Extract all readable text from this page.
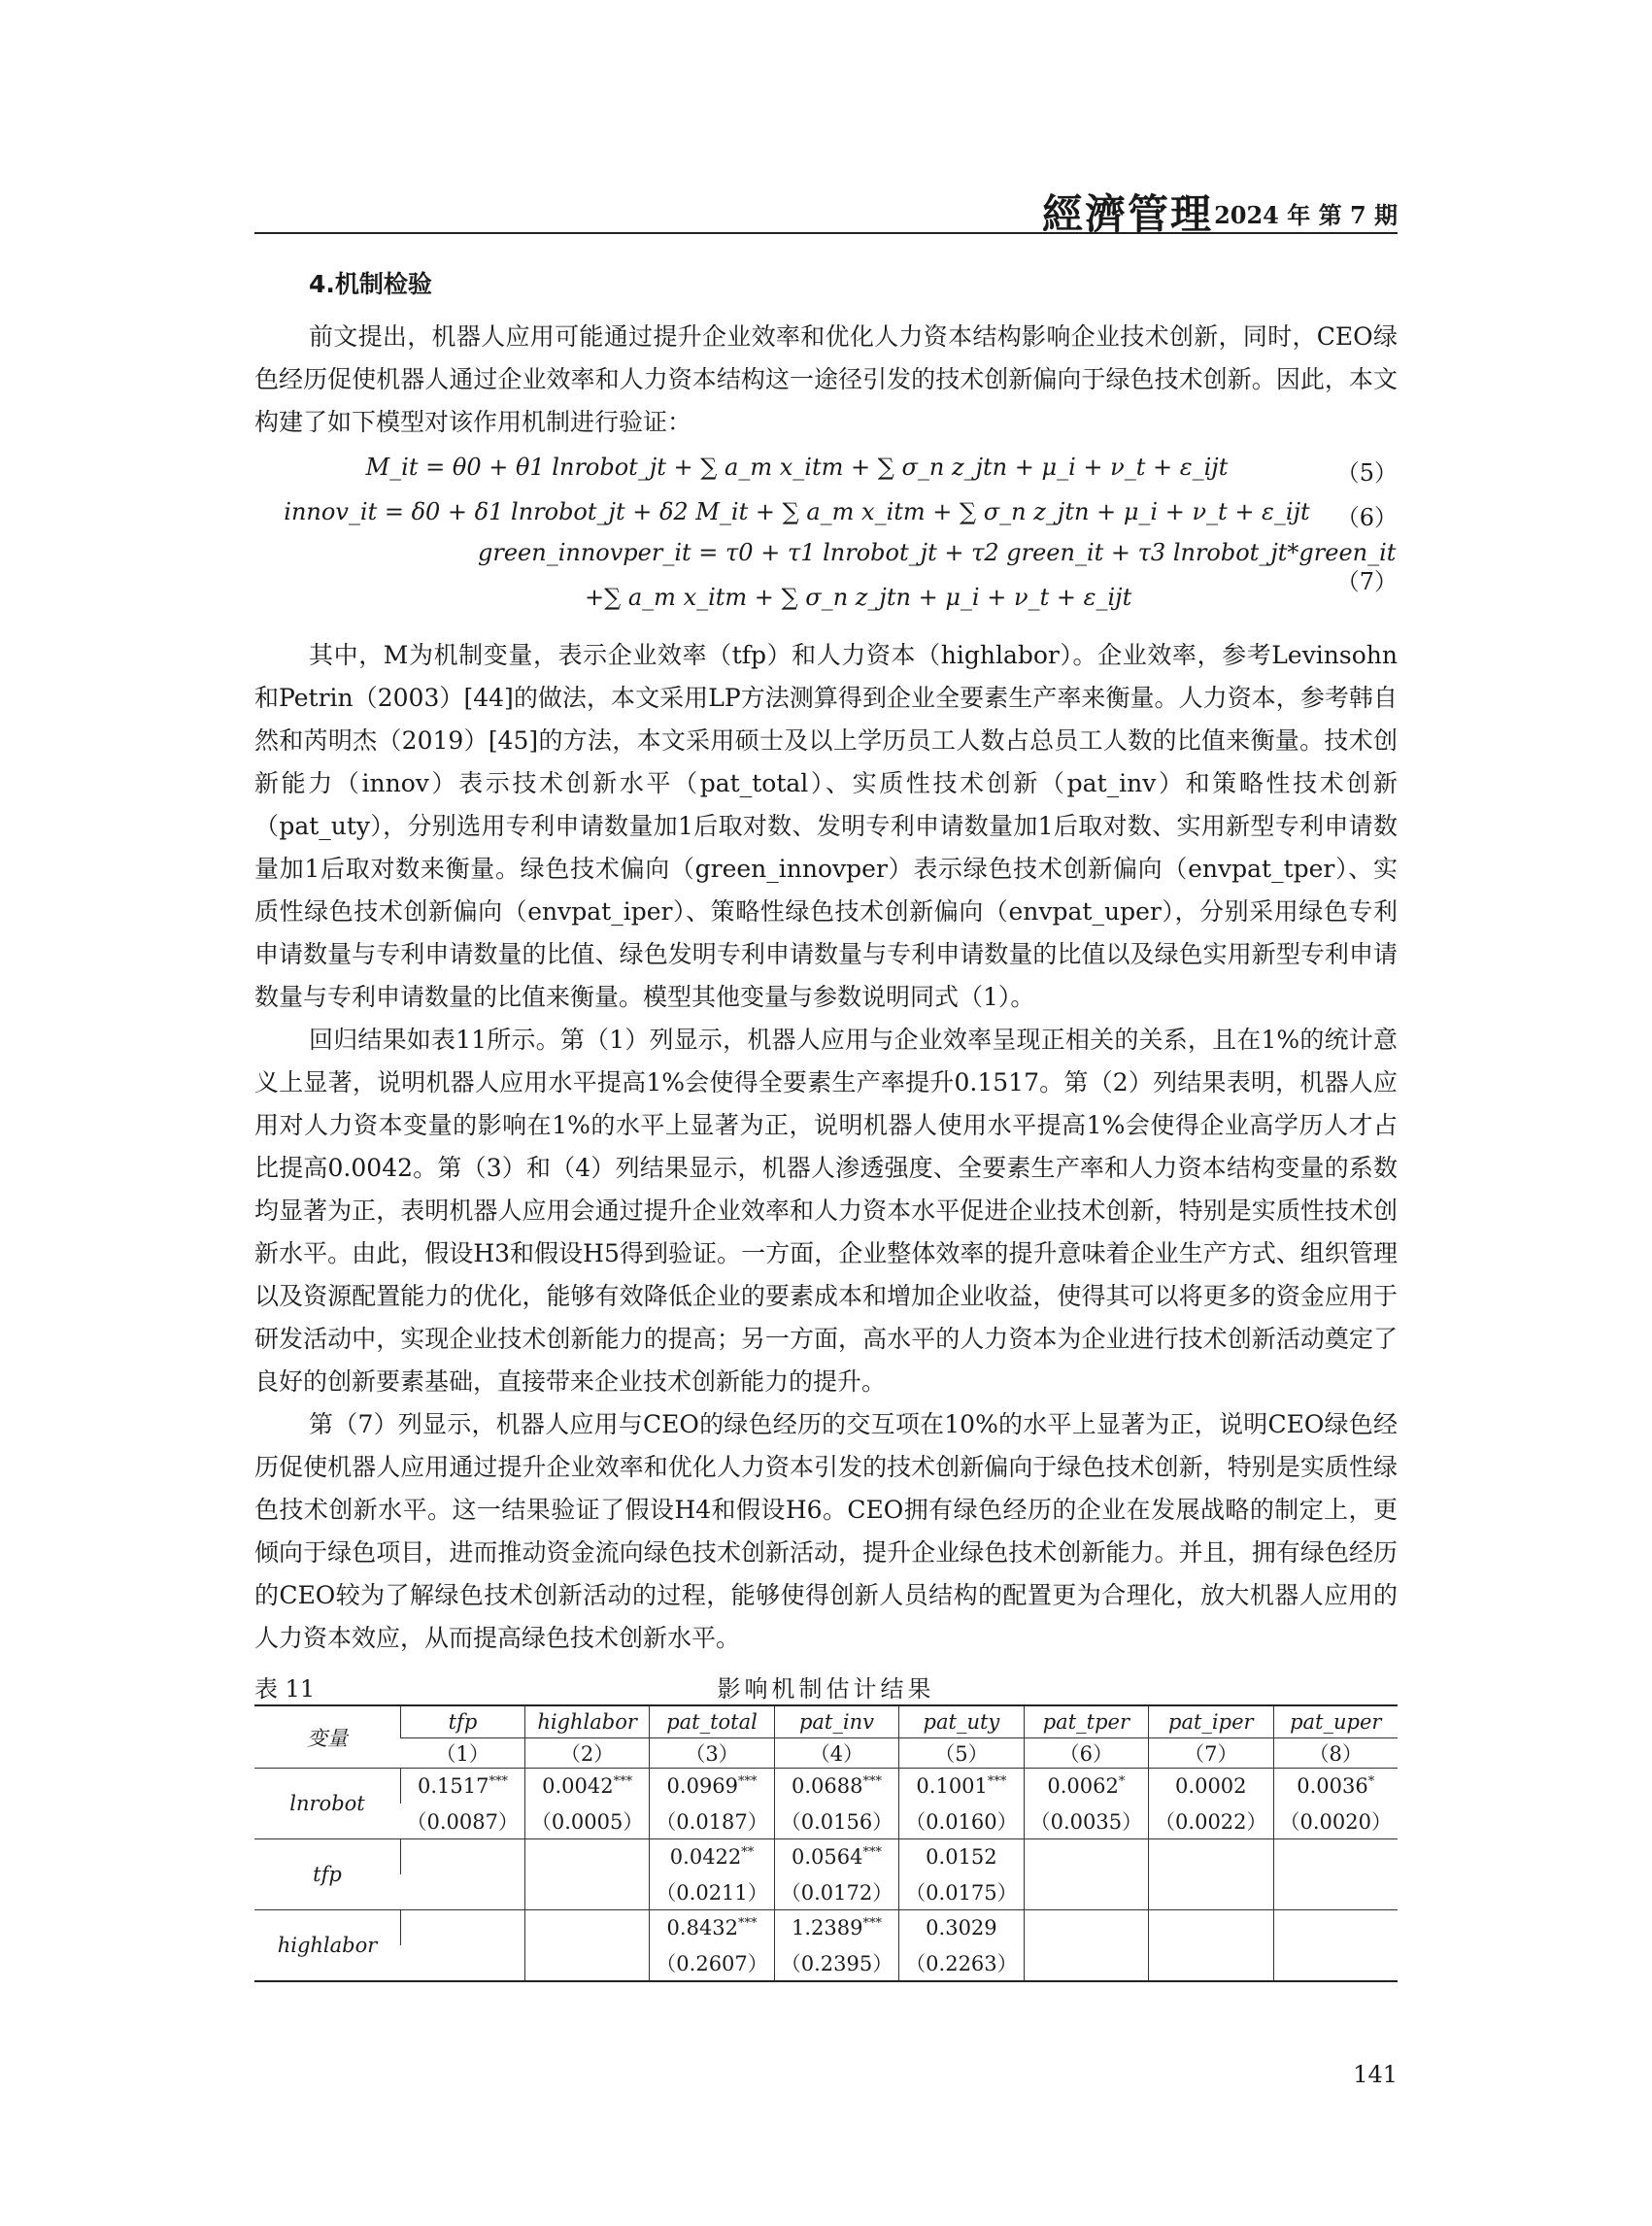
經濟管理 2024 年 第 7 期
4.机制检验

前文提出，机器人应用可能通过提升企业效率和优化人力资本结构影响企业技术创新，同时，CEO绿色经历促使机器人通过企业效率和人力资本结构这一途径引发的技术创新偏向于绿色技术创新。因此，本文构建了如下模型对该作用机制进行验证：

M_it = θ0 + θ1 lnrobot_jt + ∑ a_m x_itm + ∑ σ_n z_jtn + μ_i + ν_t + ε_ijt	（5）
innov_it = δ0 + δ1 lnrobot_jt + δ2 M_it + ∑ a_m x_itm + ∑ σ_n z_jtn + μ_i + ν_t + ε_ijt	（6）
green_innovper_it = τ0 + τ1 lnrobot_jt + τ2 green_it + τ3 lnrobot_jt*green_it
+∑ a_m x_itm + ∑ σ_n z_jtn + μ_i + ν_t + ε_ijt
（7）

其中，M为机制变量，表示企业效率（tfp）和人力资本（highlabor）。企业效率，参考Levinsohn和Petrin（2003）[44]的做法，本文采用LP方法测算得到企业全要素生产率来衡量。人力资本，参考韩自然和芮明杰（2019）[45]的方法，本文采用硕士及以上学历员工人数占总员工人数的比值来衡量。技术创新能力（innov）表示技术创新水平（pat_total）、实质性技术创新（pat_inv）和策略性技术创新（pat_uty），分别选用专利申请数量加1后取对数、发明专利申请数量加1后取对数、实用新型专利申请数量加1后取对数来衡量。绿色技术偏向（green_innovper）表示绿色技术创新偏向（envpat_tper）、实质性绿色技术创新偏向（envpat_iper）、策略性绿色技术创新偏向（envpat_uper），分别采用绿色专利申请数量与专利申请数量的比值、绿色发明专利申请数量与专利申请数量的比值以及绿色实用新型专利申请数量与专利申请数量的比值来衡量。模型其他变量与参数说明同式（1）。

回归结果如表11所示。第（1）列显示，机器人应用与企业效率呈现正相关的关系，且在1%的统计意义上显著，说明机器人应用水平提高1%会使得全要素生产率提升0.1517。第（2）列结果表明，机器人应用对人力资本变量的影响在1%的水平上显著为正，说明机器人使用水平提高1%会使得企业高学历人才占比提高0.0042。第（3）和（4）列结果显示，机器人渗透强度、全要素生产率和人力资本结构变量的系数均显著为正，表明机器人应用会通过提升企业效率和人力资本水平促进企业技术创新，特别是实质性技术创新水平。由此，假设H3和假设H5得到验证。一方面，企业整体效率的提升意味着企业生产方式、组织管理以及资源配置能力的优化，能够有效降低企业的要素成本和增加企业收益，使得其可以将更多的资金应用于研发活动中，实现企业技术创新能力的提高；另一方面，高水平的人力资本为企业进行技术创新活动奠定了良好的创新要素基础，直接带来企业技术创新能力的提升。

第（7）列显示，机器人应用与CEO的绿色经历的交互项在10%的水平上显著为正，说明CEO绿色经历促使机器人应用通过提升企业效率和优化人力资本引发的技术创新偏向于绿色技术创新，特别是实质性绿色技术创新水平。这一结果验证了假设H4和假设H6。CEO拥有绿色经历的企业在发展战略的制定上，更倾向于绿色项目，进而推动资金流向绿色技术创新活动，提升企业绿色技术创新能力。并且，拥有绿色经历的CEO较为了解绿色技术创新活动的过程，能够使得创新人员结构的配置更为合理化，放大机器人应用的人力资本效应，从而提高绿色技术创新水平。

表 11	影响机制估计结果
变量	tfp	highlabor	pat_total	pat_inv	pat_uty	pat_tper	pat_iper	pat_uper
	（1）	（2）	（3）	（4）	（5）	（6）	（7）	（8）
lnrobot	0.1517***	0.0042***	0.0969***	0.0688***	0.1001***	0.0062*	0.0002	0.0036*
	（0.0087）	（0.0005）	（0.0187）	（0.0156）	（0.0160）	（0.0035）	（0.0022）	（0.0020）
tfp			0.0422**	0.0564***	0.0152			
			（0.0211）	（0.0172）	（0.0175）			
highlabor			0.8432***	1.2389***	0.3029			
			（0.2607）	（0.2395）	（0.2263）			
141
